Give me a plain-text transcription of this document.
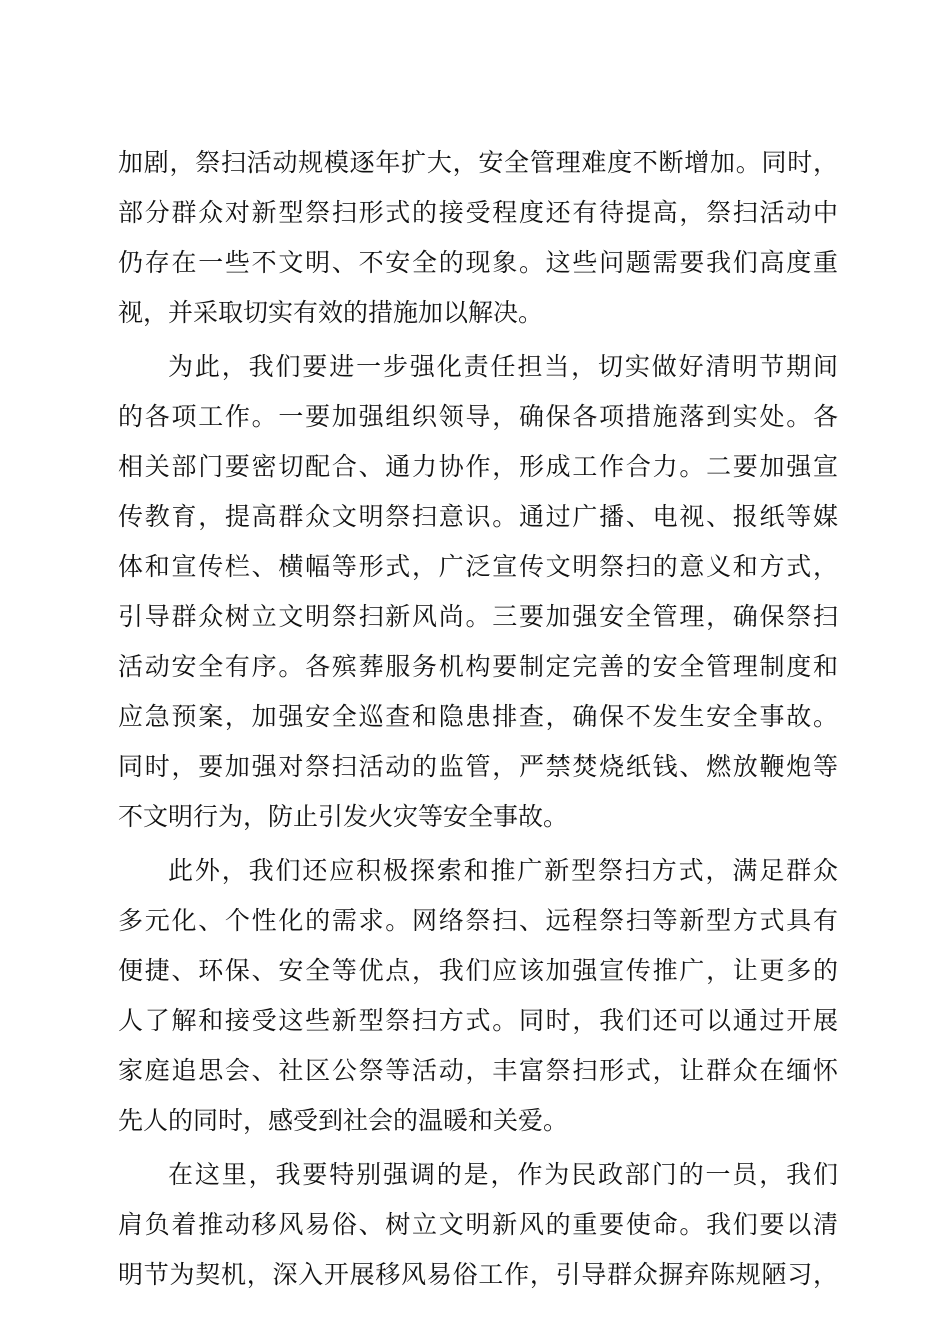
加剧，祭扫活动规模逐年扩大，安全管理难度不断增加。同时，
部分群众对新型祭扫形式的接受程度还有待提高，祭扫活动中
仍存在一些不文明、不安全的现象。这些问题需要我们高度重
视，并采取切实有效的措施加以解决。
为此，我们要进一步强化责任担当，切实做好清明节期间
的各项工作。一要加强组织领导，确保各项措施落到实处。各
相关部门要密切配合、通力协作，形成工作合力。二要加强宣
传教育，提高群众文明祭扫意识。通过广播、电视、报纸等媒
体和宣传栏、横幅等形式，广泛宣传文明祭扫的意义和方式，
引导群众树立文明祭扫新风尚。三要加强安全管理，确保祭扫
活动安全有序。各殡葬服务机构要制定完善的安全管理制度和
应急预案，加强安全巡查和隐患排查，确保不发生安全事故。
同时，要加强对祭扫活动的监管，严禁焚烧纸钱、燃放鞭炮等
不文明行为，防止引发火灾等安全事故。
此外，我们还应积极探索和推广新型祭扫方式，满足群众
多元化、个性化的需求。网络祭扫、远程祭扫等新型方式具有
便捷、环保、安全等优点，我们应该加强宣传推广，让更多的
人了解和接受这些新型祭扫方式。同时，我们还可以通过开展
家庭追思会、社区公祭等活动，丰富祭扫形式，让群众在缅怀
先人的同时，感受到社会的温暖和关爱。
在这里，我要特别强调的是，作为民政部门的一员，我们
肩负着推动移风易俗、树立文明新风的重要使命。我们要以清
明节为契机，深入开展移风易俗工作，引导群众摒弃陈规陋习，
